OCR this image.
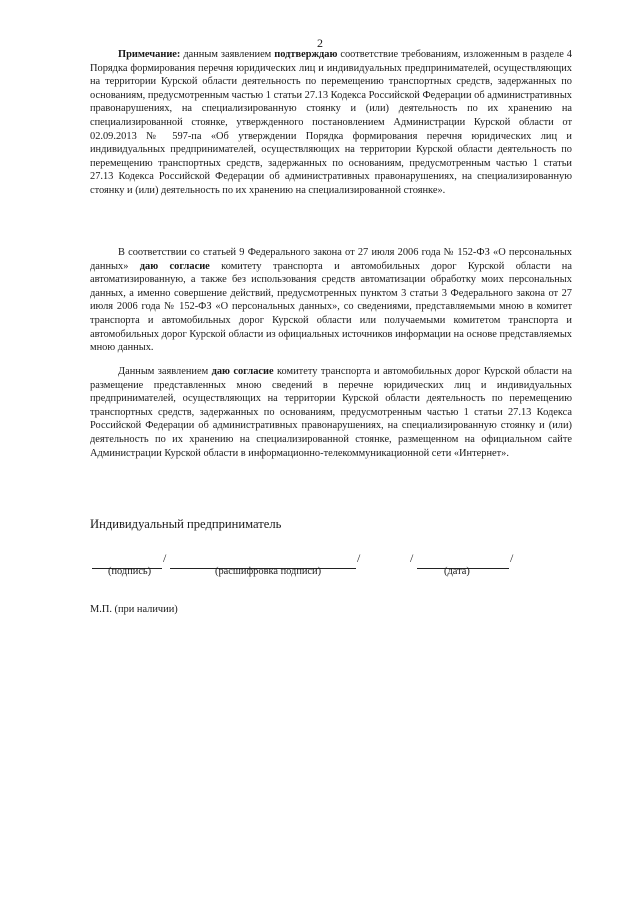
2

Примечание: данным заявлением подтверждаю соответствие требованиям, изложенным в разделе 4 Порядка формирования перечня юридических лиц и индивидуальных предпринимателей, осуществляющих на территории Курской области деятельность по перемещению транспортных средств, задержанных по основаниям, предусмотренным частью 1 статьи 27.13 Кодекса Российской Федерации об административных правонарушениях, на специализированную стоянку и (или) деятельность по их хранению на специализированной стоянке, утвержденного постановлением Администрации Курской области от 02.09.2013 № 597-па «Об утверждении Порядка формирования перечня юридических лиц и индивидуальных предпринимателей, осуществляющих на территории Курской области деятельность по перемещению транспортных средств, задержанных по основаниям, предусмотренным частью 1 статьи 27.13 Кодекса Российской Федерации об административных правонарушениях, на специализированную стоянку и (или) деятельность по их хранению на специализированной стоянке».

В соответствии со статьей 9 Федерального закона от 27 июля 2006 года № 152-ФЗ «О персональных данных» даю согласие комитету транспорта и автомобильных дорог Курской области на автоматизированную, а также без использования средств автоматизации обработку моих персональных данных, а именно совершение действий, предусмотренных пунктом 3 статьи 3 Федерального закона от 27 июля 2006 года № 152-ФЗ «О персональных данных», со сведениями, представляемыми мною в комитет транспорта и автомобильных дорог Курской области или получаемыми комитетом транспорта и автомобильных дорог Курской области из официальных источников информации на основе представляемых мною данных.

Данным заявлением даю согласие комитету транспорта и автомобильных дорог Курской области на размещение представленных мною сведений в перечне юридических лиц и индивидуальных предпринимателей, осуществляющих на территории Курской области деятельность по перемещению транспортных средств, задержанных по основаниям, предусмотренным частью 1 статьи 27.13 Кодекса Российской Федерации об административных правонарушениях, на специализированную стоянку и (или) деятельность по их хранению на специализированной стоянке, размещенном на официальном сайте Администрации Курской области в информационно-телекоммуникационной сети «Интернет».

Индивидуальный предприниматель

/	/	/	/
(подпись)	(расшифровка подписи)	(дата)

М.П. (при наличии)
